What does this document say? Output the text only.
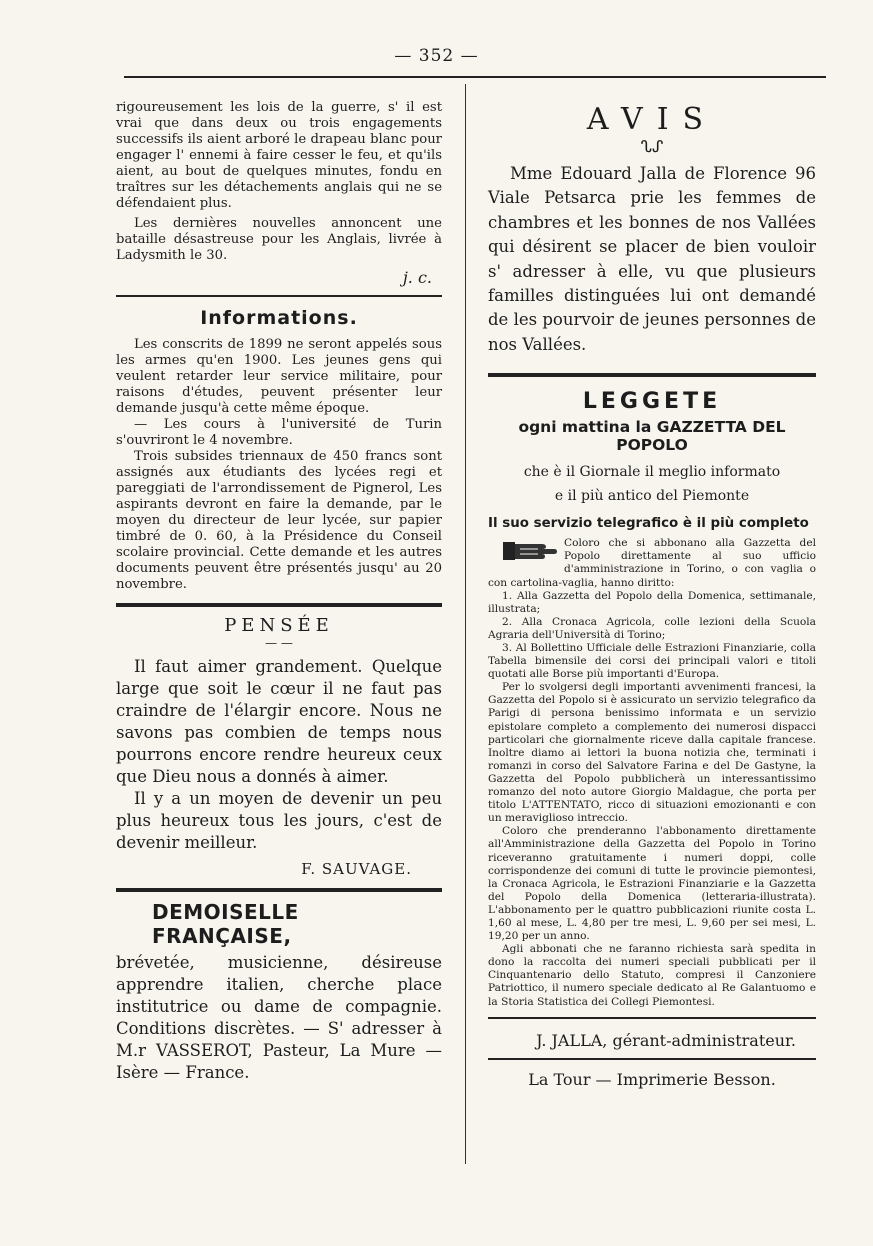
— 352 —

rigoureusement les lois de la guerre, s' il est vrai que dans deux ou trois engagements successifs ils aient arboré le drapeau blanc pour engager l' ennemi à faire cesser le feu, et qu'ils aient, au bout de quelques minutes, fondu en traîtres sur les détachements anglais qui ne se défendaient plus.

Les dernières nouvelles annoncent une bataille désastreuse pour les Anglais, livrée à Ladysmith le 30.

j. c.

Informations.

Les conscrits de 1899 ne seront appelés sous les armes qu'en 1900. Les jeunes gens qui veulent retarder leur service militaire, pour raisons d'études, peuvent présenter leur demande jusqu'à cette même époque.

— Les cours à l'université de Turin s'ouvriront le 4 novembre.

Trois subsides triennaux de 450 francs sont assignés aux étudiants des lycées regi et pareggiati de l'arrondissement de Pignerol, Les aspirants devront en faire la demande, par le moyen du directeur de leur lycée, sur papier timbré de 0. 60, à la Présidence du Conseil scolaire provincial. Cette demande et les autres documents peuvent être présentés jusqu' au 20 novembre.

PENSÉE
— —

Il faut aimer grandement. Quelque large que soit le cœur il ne faut pas craindre de l'élargir encore. Nous ne savons pas combien de temps nous pourrons encore rendre heureux ceux que Dieu nous a donnés à aimer.

Il y a un moyen de devenir un peu plus heureux tous les jours, c'est de devenir meilleur.

F. SAUVAGE.

DEMOISELLE FRANÇAISE,

brévetée, musicienne, désireuse apprendre italien, cherche place institutrice ou dame de compagnie. Conditions discrètes. — S' adresser à M.r VASSEROT, Pasteur, La Mure — Isère — France.

AVIS
ᔐᔑ

Mme Edouard Jalla de Florence 96 Viale Petsarca prie les femmes de chambres et les bonnes de nos Vallées qui désirent se placer de bien vouloir s' adresser à elle, vu que plusieurs familles distinguées lui ont demandé de les pourvoir de jeunes personnes de nos Vallées.

LEGGETE
ogni mattina la GAZZETTA DEL POPOLO
che è il Giornale il meglio informato
e il più antico del Piemonte
Il suo servizio telegrafico è il più completo
Coloro che si abbonano alla Gazzetta del Popolo direttamente al suo ufficio d'amministrazione in Torino, o con vaglia o con cartolina-vaglia, hanno diritto:

1. Alla Gazzetta del Popolo della Domenica, settimanale, illustrata;

2. Alla Cronaca Agricola, colle lezioni della Scuola Agraria dell'Università di Torino;

3. Al Bollettino Ufficiale delle Estrazioni Finanziarie, colla Tabella bimensile dei corsi dei principali valori e titoli quotati alle Borse più importanti d'Europa.

Per lo svolgersi degli importanti avvenimenti francesi, la Gazzetta del Popolo si è assicurato un servizio telegrafico da Parigi di persona benissimo informata e un servizio epistolare completo a complemento dei numerosi dispacci particolari che giornalmente riceve dalla capitale francese. Inoltre diamo ai lettori la buona notizia che, terminati i romanzi in corso del Salvatore Farina e del De Gastyne, la Gazzetta del Popolo pubblicherà un interessantissimo romanzo del noto autore Giorgio Maldague, che porta per titolo L'ATTENTATO, ricco di situazioni emozionanti e con un meraviglioso intreccio.

Coloro che prenderanno l'abbonamento direttamente all'Amministrazione della Gazzetta del Popolo in Torino riceveranno gratuitamente i numeri doppi, colle corrispondenze dei comuni di tutte le provincie piemontesi, la Cronaca Agricola, le Estrazioni Finanziarie e la Gazzetta del Popolo della Domenica (letteraria-illustrata). L'abbonamento per le quattro pubblicazioni riunite costa L. 1,60 al mese, L. 4,80 per tre mesi, L. 9,60 per sei mesi, L. 19,20 per un anno.

Agli abbonati che ne faranno richiesta sarà spedita in dono la raccolta dei numeri speciali pubblicati per il Cinquantenario dello Statuto, compresi il Canzoniere Patriottico, il numero speciale dedicato al Re Galantuomo e la Storia Statistica dei Collegi Piemontesi.

J. JALLA, gérant-administrateur.

La Tour — Imprimerie Besson.
